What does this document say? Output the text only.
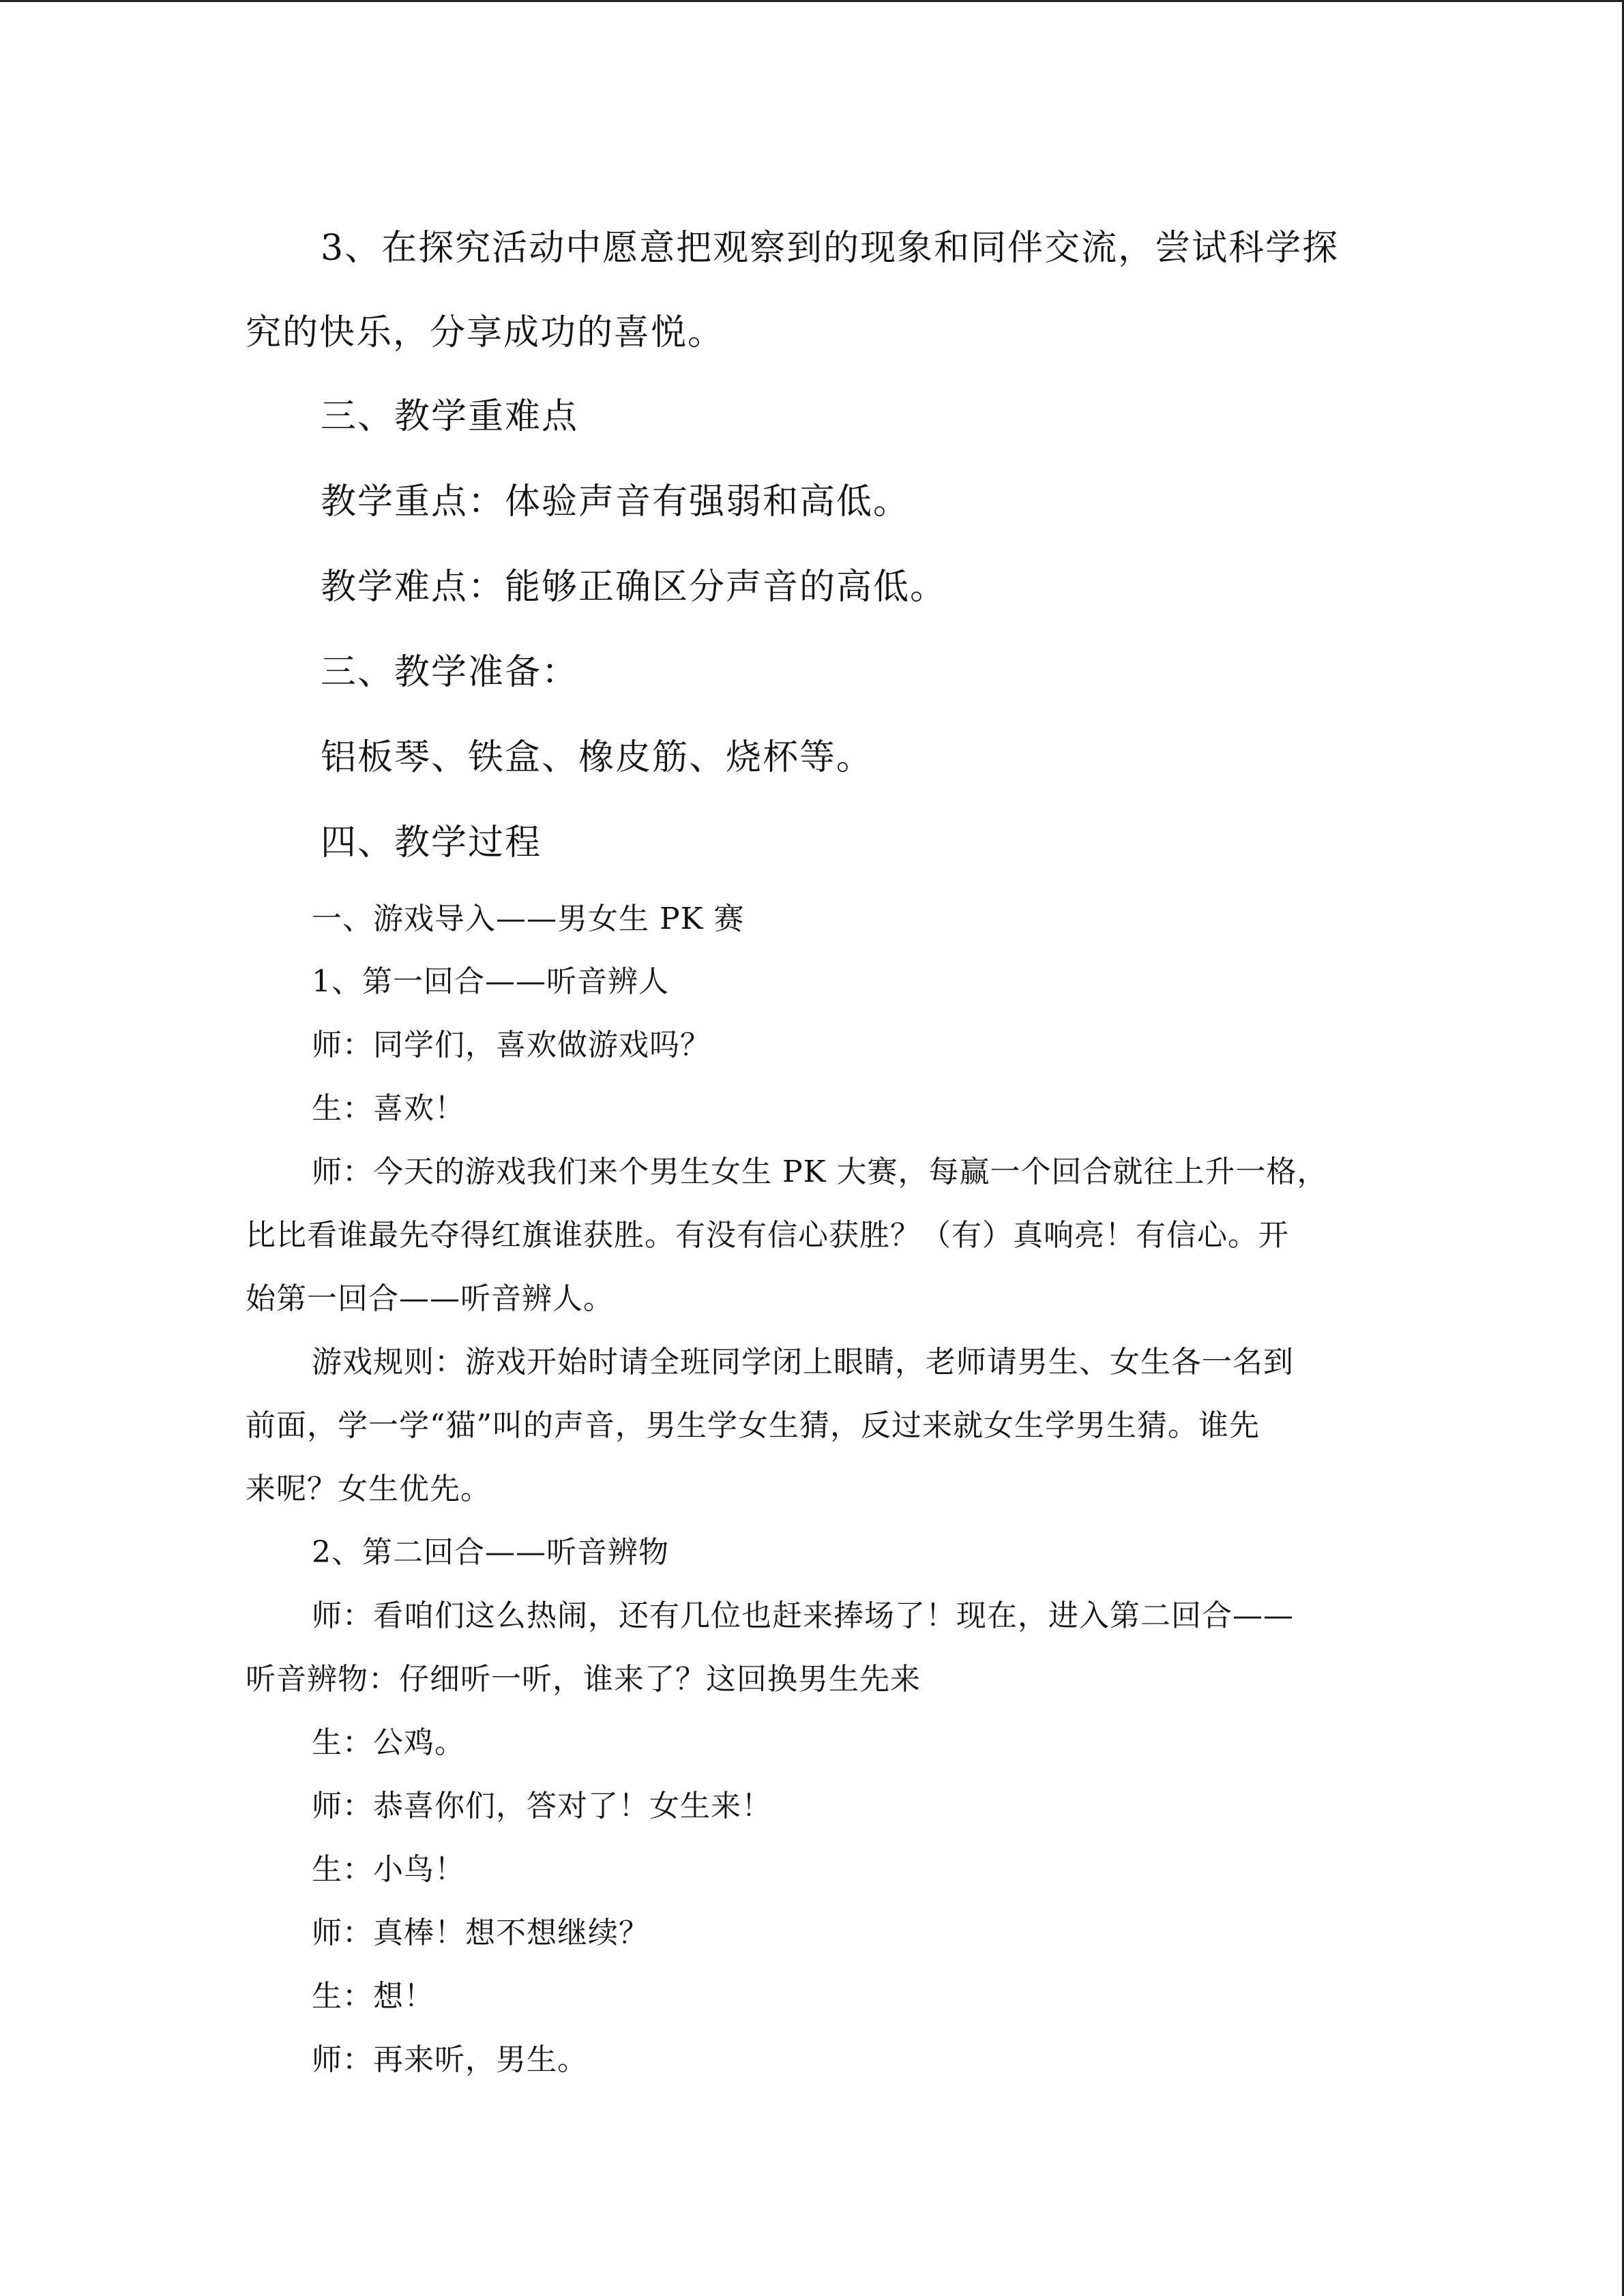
3、在探究活动中愿意把观察到的现象和同伴交流，尝试科学探
究的快乐，分享成功的喜悦。
三、教学重难点
教学重点：体验声音有强弱和高低。
教学难点：能够正确区分声音的高低。
三、教学准备：
铝板琴、铁盒、橡皮筋、烧杯等。
四、教学过程
一、游戏导入——男女生 PK 赛
1、第一回合——听音辨人
师：同学们，喜欢做游戏吗？
生：喜欢！
师：今天的游戏我们来个男生女生 PK 大赛，每赢一个回合就往上升一格，
比比看谁最先夺得红旗谁获胜。有没有信心获胜？（有）真响亮！有信心。开
始第一回合——听音辨人。
游戏规则：游戏开始时请全班同学闭上眼睛，老师请男生、女生各一名到
前面，学一学“猫”叫的声音，男生学女生猜，反过来就女生学男生猜。谁先
来呢？女生优先。
2、第二回合——听音辨物
师：看咱们这么热闹，还有几位也赶来捧场了！现在，进入第二回合——
听音辨物：仔细听一听，谁来了？这回换男生先来
生：公鸡。
师：恭喜你们，答对了！女生来！
生：小鸟！
师：真棒！想不想继续？
生：想！
师：再来听，男生。
